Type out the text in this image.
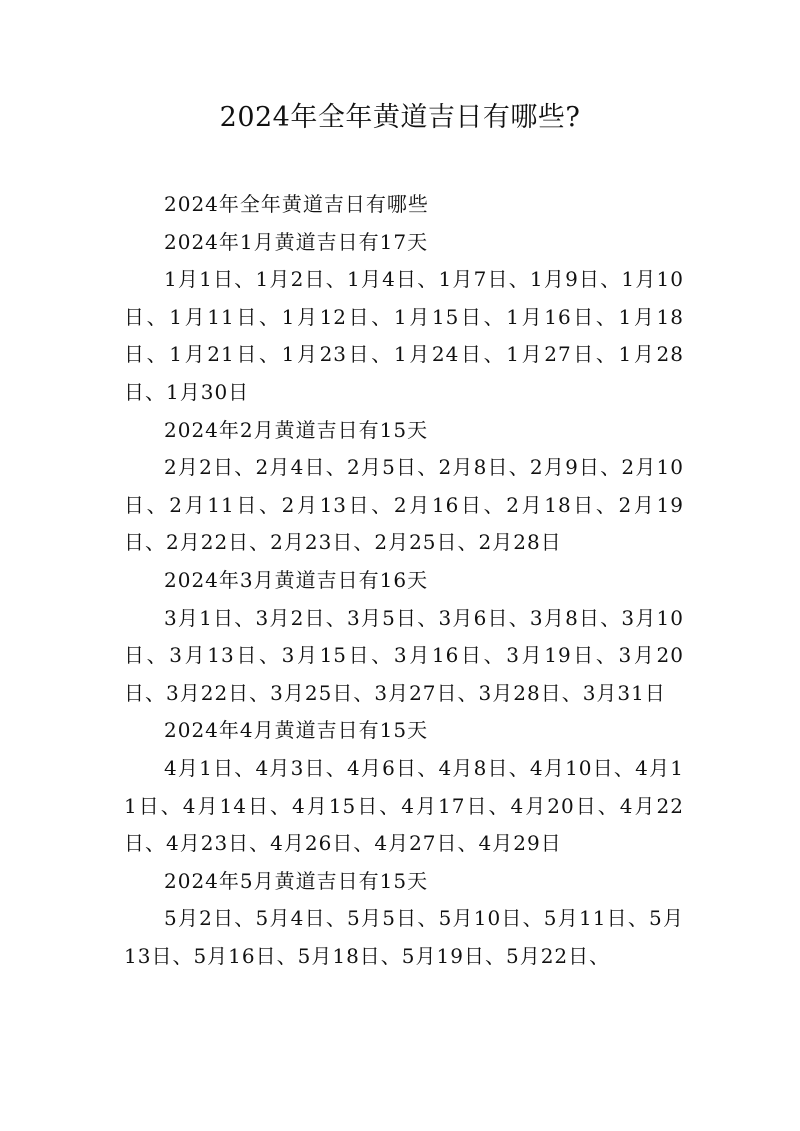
2024年全年黄道吉日有哪些?

2024年全年黄道吉日有哪些

2024年1月黄道吉日有17天

1月1日、1月2日、1月4日、1月7日、1月9日、1月10日、1月11日、1月12日、1月15日、1月16日、1月18日、1月21日、1月23日、1月24日、1月27日、1月28日、1月30日

2024年2月黄道吉日有15天

2月2日、2月4日、2月5日、2月8日、2月9日、2月10日、2月11日、2月13日、2月16日、2月18日、2月19日、2月22日、2月23日、2月25日、2月28日

2024年3月黄道吉日有16天

3月1日、3月2日、3月5日、3月6日、3月8日、3月10日、3月13日、3月15日、3月16日、3月19日、3月20日、3月22日、3月25日、3月27日、3月28日、3月31日

2024年4月黄道吉日有15天

4月1日、4月3日、4月6日、4月8日、4月10日、4月11日、4月14日、4月15日、4月17日、4月20日、4月22日、4月23日、4月26日、4月27日、4月29日

2024年5月黄道吉日有15天

5月2日、5月4日、5月5日、5月10日、5月11日、5月13日、5月16日、5月18日、5月19日、5月22日、
